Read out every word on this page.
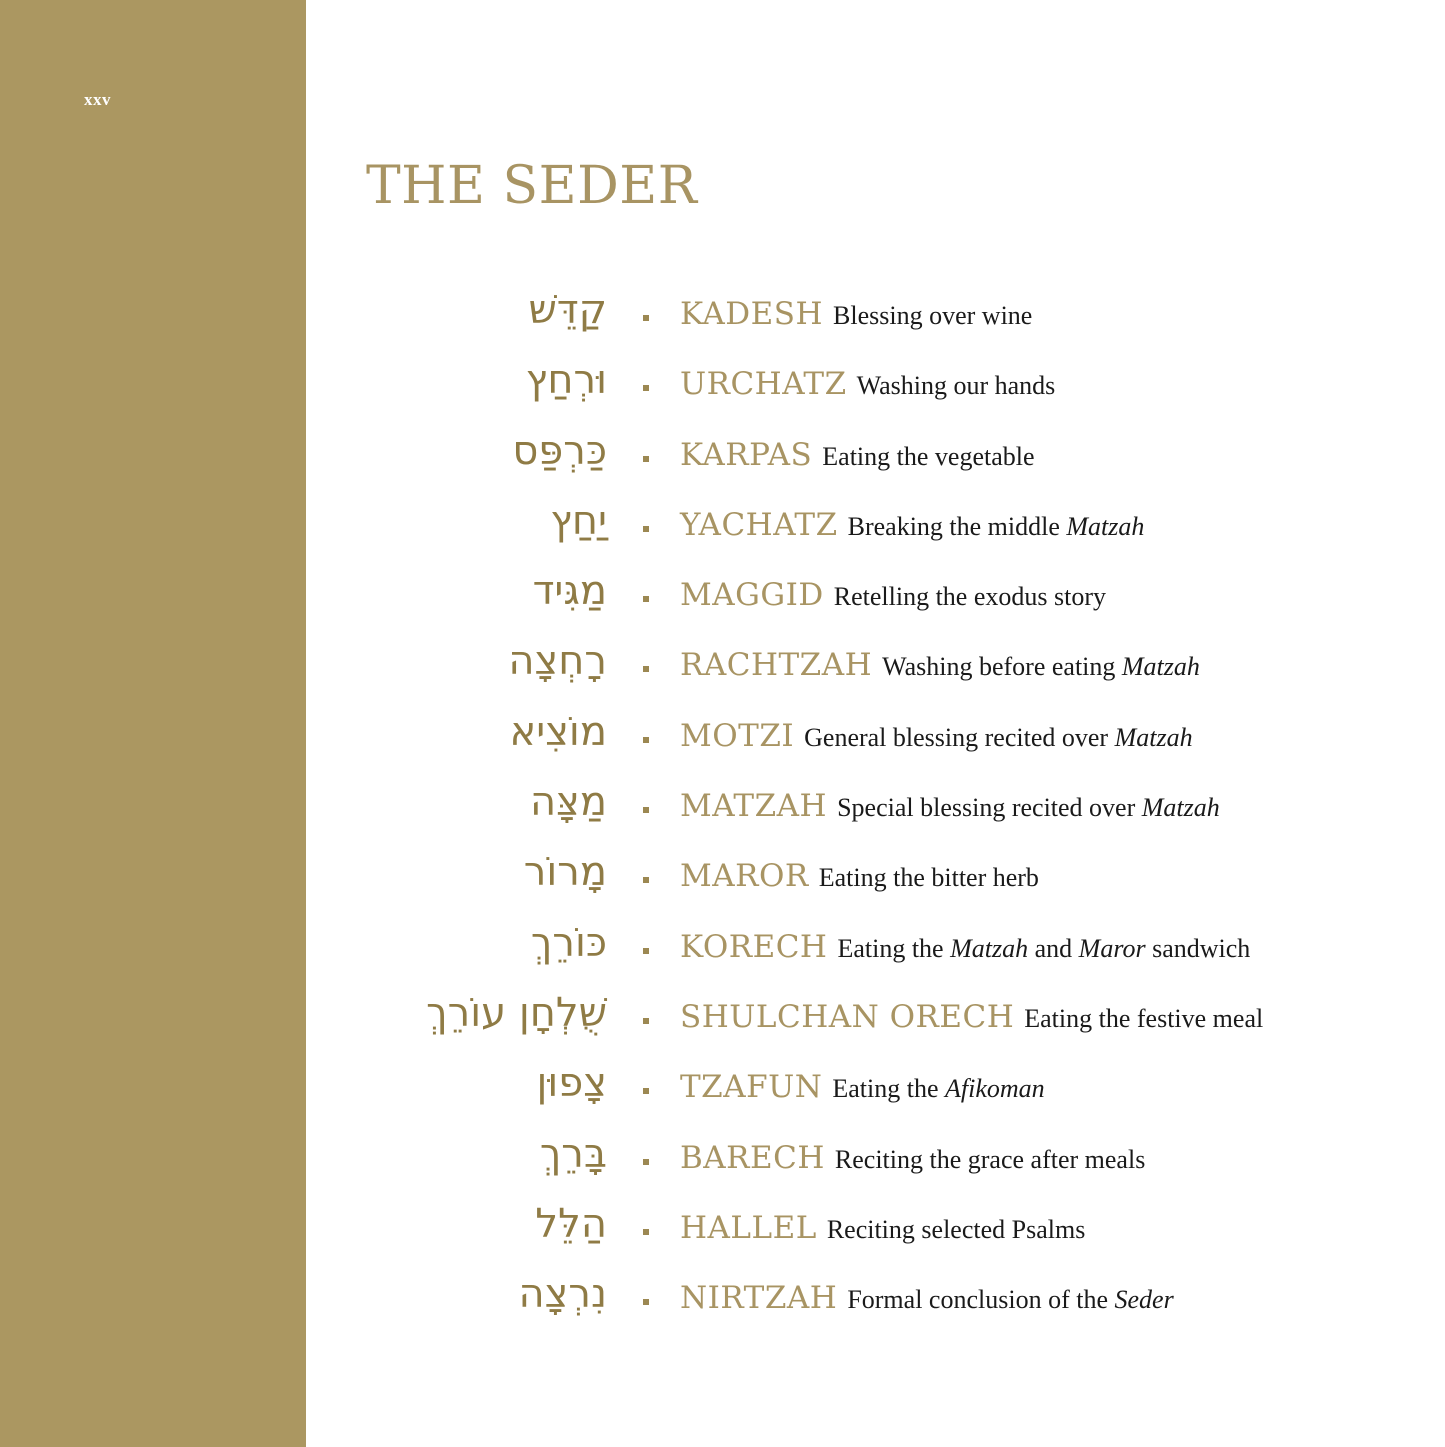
xxv
THE SEDER
קַדֵּשׁ KADESH Blessing over wine
וּרְחַץ URCHATZ Washing our hands
כַּרְפַּס KARPAS Eating the vegetable
יַחַץ YACHATZ Breaking the middle Matzah
מַגִּיד MAGGID Retelling the exodus story
רָחְצָה RACHTZAH Washing before eating Matzah
מוֹצִיא MOTZI General blessing recited over Matzah
מַצָּה MATZAH Special blessing recited over Matzah
מָרוֹר MAROR Eating the bitter herb
כּוֹרֵךְ KORECH Eating the Matzah and Maror sandwich
שֻׁלְחָן עוֹרֵךְ SHULCHAN ORECH Eating the festive meal
צָפוּן TZAFUN Eating the Afikoman
בָּרֵךְ BARECH Reciting the grace after meals
הַלֵּל HALLEL Reciting selected Psalms
נִרְצָה NIRTZAH Formal conclusion of the Seder
